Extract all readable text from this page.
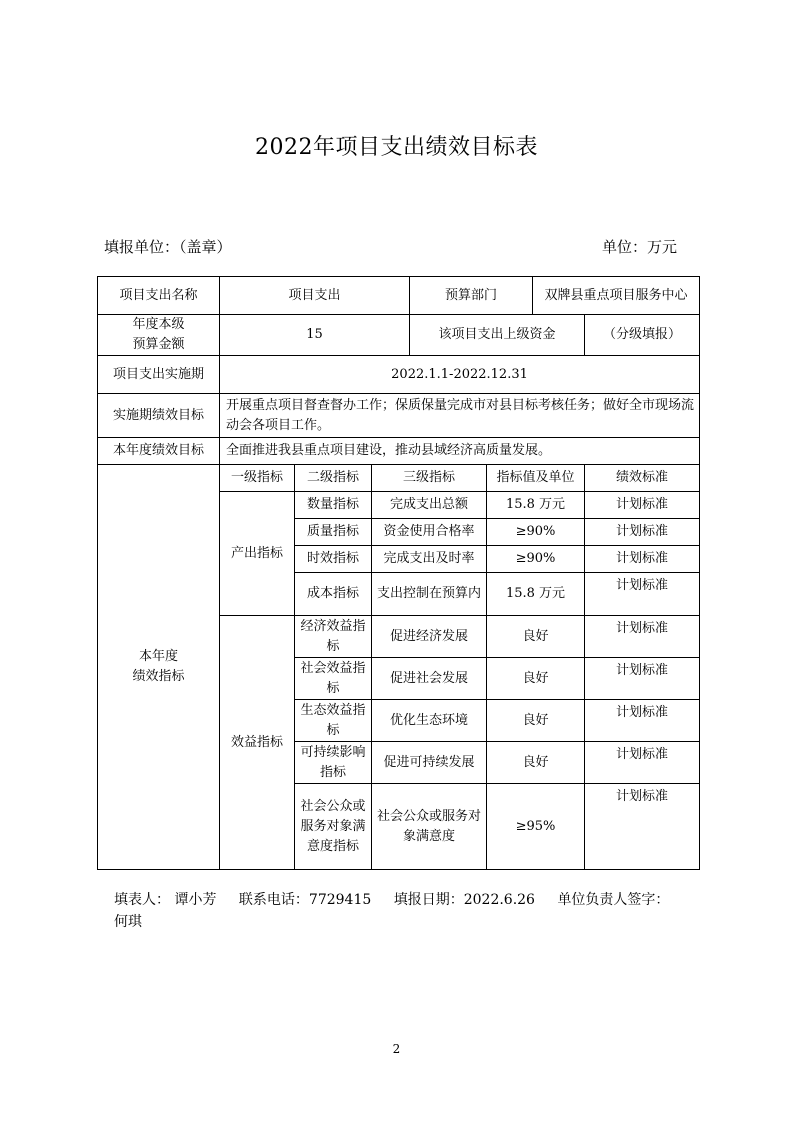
2022年项目支出绩效目标表
填报单位：（盖章）	单位：万元
项目支出名称	项目支出			预算部门		双牌县重点项目服务中心	
年度本级
预算金额	15			该项目支出上级资金			（分级填报）
项目支出实施期	2022.1.1-2022.12.31						
实施期绩效目标	开展重点项目督查督办工作；保质保量完成市对县目标考核任务；做好全市现场流动会各项目工作。						
本年度绩效目标	全面推进我县重点项目建设，推动县域经济高质量发展。						
本年度
绩效指标	一级指标	二级指标	三级指标		指标值及单位		绩效标准
	产出指标	数量指标	完成支出总额		15.8 万元		计划标准
		质量指标	资金使用合格率		≥90%		计划标准
		时效指标	完成支出及时率		≥90%		计划标准
		成本指标	支出控制在预算内		15.8 万元		计划标准
	效益指标	经济效益指标	促进经济发展		良好		计划标准
		社会效益指标	促进社会发展		良好		计划标准
		生态效益指标	优化生态环境		良好		计划标准
		可持续影响指标	促进可持续发展		良好		计划标准
		社会公众或服务对象满意度指标	社会公众或服务对象满意度		≥95%		计划标准
填表人： 谭小芳 联系电话：7729415 填报日期：2022.6.26 单位负责人签字：
何琪
2
